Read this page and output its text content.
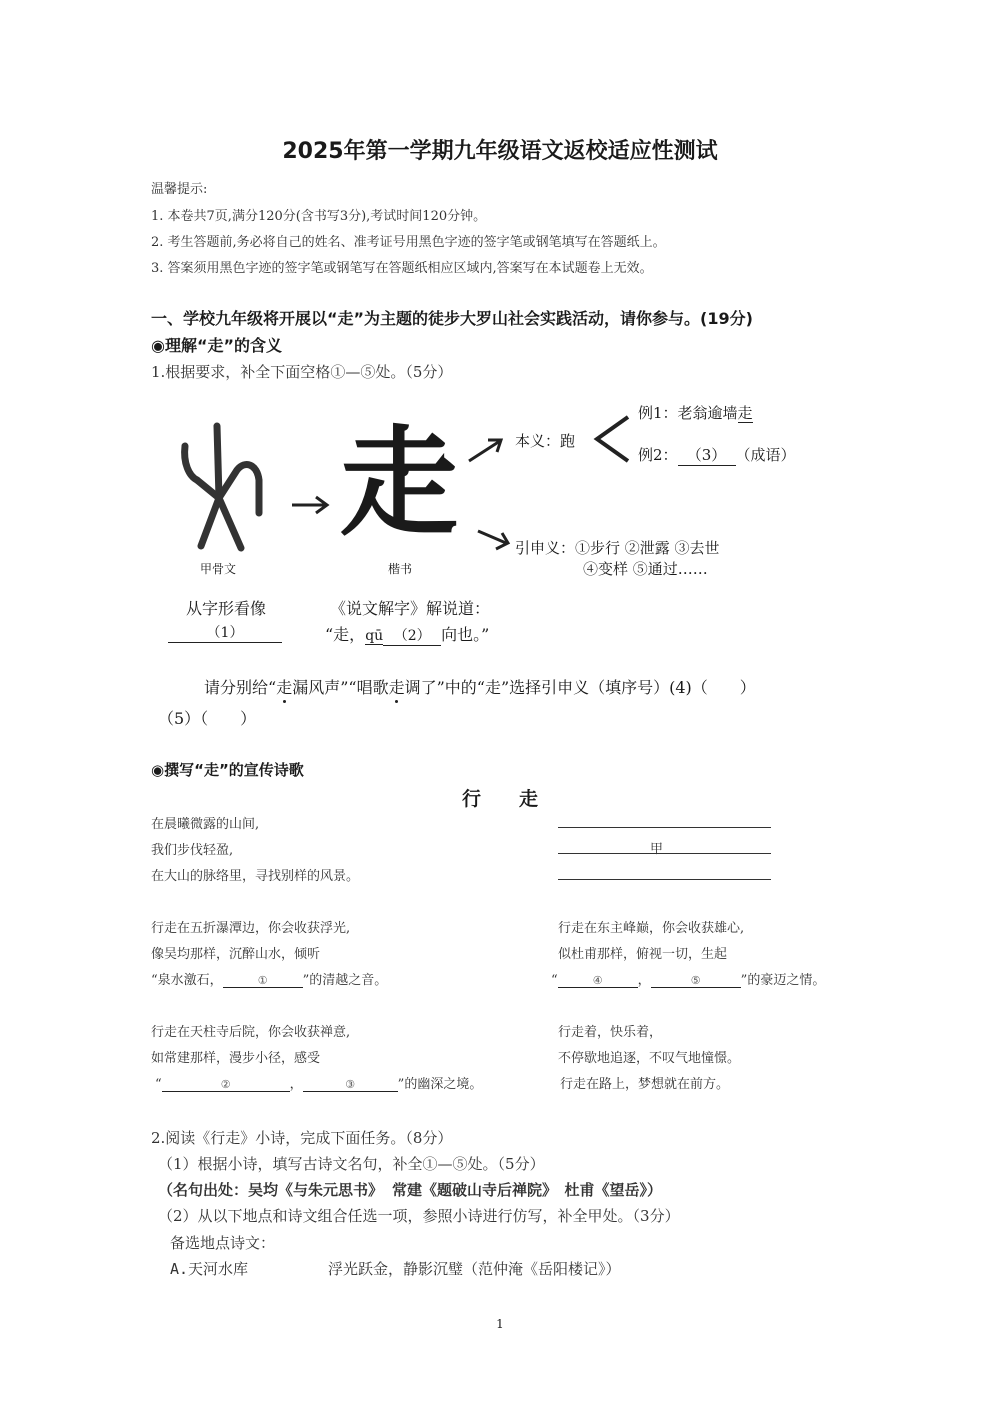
2025年第一学期九年级语文返校适应性测试
温馨提示:
1. 本卷共7页,满分120分(含书写3分),考试时间120分钟。
2. 考生答题前,务必将自己的姓名、准考证号用黑色字迹的签字笔或钢笔填写在答题纸上。
3. 答案须用黑色字迹的签字笔或钢笔写在答题纸相应区域内,答案写在本试题卷上无效。
一、学校九年级将开展以“走”为主题的徒步大罗山社会实践活动，请你参与。(19分)
◉理解“走”的含义
1.根据要求，补全下面空格①—⑤处。（5分）
甲骨文
走
楷书
本义：跑
例1：老翁逾墙走
例2： （3） （成语）
引申义：①步行 ②泄露 ③去世
④变样 ⑤通过……
从字形看像
（1）
《说文解字》解说道：
“走，qū （2） 向也。”
请分别给“走漏风声”“唱歌走调了”中的“走”选择引申义（填序号）(4)（　　）
（5）（　　）
◉撰写“走”的宣传诗歌
行　　走
在晨曦微露的山间,
我们步伐轻盈,
在大山的脉络里，寻找别样的风景。
甲
行走在五折瀑潭边，你会收获浮光,
像吴均那样，沉醉山水，倾听
“泉水激石，	①	”的清越之音。
行走在东主峰巅，你会收获雄心,
似杜甫那样，俯视一切，生起
“	④	，	⑤	”的豪迈之情。
行走在天柱寺后院，你会收获禅意,
如常建那样，漫步小径，感受
“	②	，	③	”的幽深之境。
行走着，快乐着，
不停歇地追逐，不叹气地憧憬。
行走在路上，梦想就在前方。
2.阅读《行走》小诗，完成下面任务。（8分）
（1）根据小诗，填写古诗文名句，补全①—⑤处。（5分）
（名句出处：吴均《与朱元思书》 常建《题破山寺后禅院》　杜甫《望岳》）
（2）从以下地点和诗文组合任选一项，参照小诗进行仿写，补全甲处。（3分）
备选地点诗文：
A.天河水库	浮光跃金，静影沉璧（范仲淹《岳阳楼记》）
1
